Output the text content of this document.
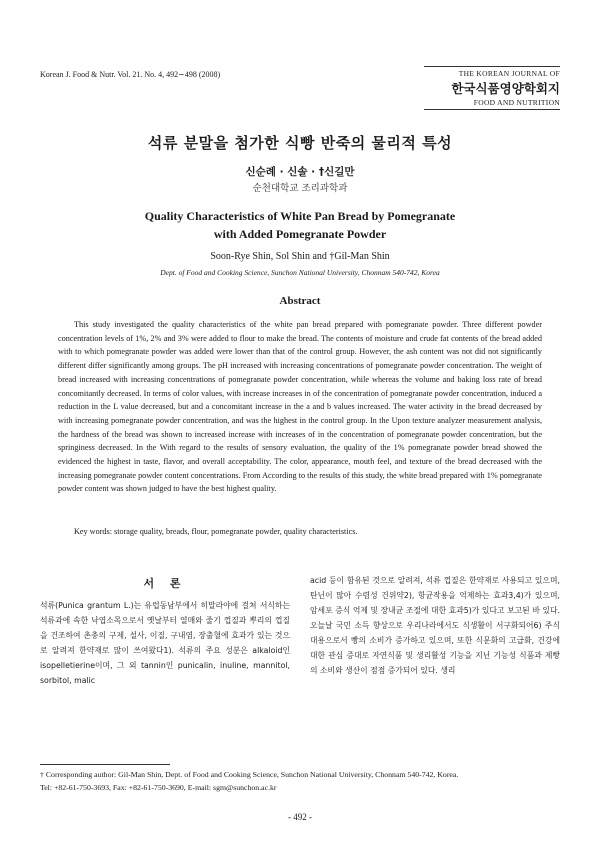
Korean J. Food & Nutr. Vol. 21. No. 4, 492∼498 (2008)	THE KOREAN JOURNAL OF
한국식품영양학회지
FOOD AND NUTRITION
석류 분말을 첨가한 식빵 반죽의 물리적 특성
신순례 · 신솔 · †신길만
순천대학교 조리과학과
Quality Characteristics of White Pan Bread by Pomegranate
with Added Pomegranate Powder
Soon-Rye Shin, Sol Shin and †Gil-Man Shin
Dept. of Food and Cooking Science, Sunchon National University, Chonnam 540-742, Korea
Abstract

This study investigated the quality characteristics of the white pan bread prepared with pomegranate powder. Three different powder concentration levels of 1%, 2% and 3% were added to flour to make the bread. The contents of moisture and crude fat contents of the bread added with to which pomegranate powder was added were lower than that of the control group. However, the ash content was not did not significantly different differ significantly among groups. The pH increased with increasing concentrations of pomegranate powder concentration. The weight of bread increased with increasing concentrations of pomegranate powder concentration, while whereas the volume and baking loss rate of bread concomitantly decreased. In terms of color values, with increase increases in of the concentration of pomegranate powder concentration, induced a reduction in the L value decreased, but and a concomitant increase in the a and b values increased. The water activity in the bread decreased by with increasing pomegranate powder concentration, and was the highest in the control group. In the Upon texture analyzer measurement analysis, the hardness of the bread was shown to increased increase with increases of in the concentration of pomegranate powder concentration, but the springiness decreased. In the With regard to the results of sensory evaluation, the quality of the 1% pomegranate powder bread showed the evidenced the highest in taste, flavor, and overall acceptability. The color, appearance, mouth feel, and texture of the bread decreased with the increasing pomegranate powder content concentrations. From According to the results of this study, the white bread prepared with 1% pomegranate powder content was shown judged to have the best highest quality.

Key words: storage quality, breads, flour, pomegranate powder, quality characteristics.
서 론

석류(Punica grantum L.)는 유럽동남부에서 히말라야에 걸쳐 서식하는 석류과에 속한 낙엽소목으로서 옛날부터 열매와 줄기 껍질과 뿌리의 껍질을 건조하여 촌충의 구제, 설사, 이질, 구내염, 장출혈에 효과가 있는 것으로 알려져 한약재로 많이 쓰여왔다1). 석류의 주요 성분은 alkaloid인 isopelletierine이며, 그 외 tannin인 punicalin, inuline, mannitol, sorbitol, malic

acid 등이 함유된 것으로 알려져, 석류 껍질은 한약재로 사용되고 있으며, 탄닌이 많아 수렴성 건위약2), 항균작용을 억제하는 효과3,4)가 있으며, 암세포 증식 억제 및 장내균 조절에 대한 효과5)가 있다고 보고된 바 있다. 오늘날 국민 소득 향상으로 우리나라에서도 식생활이 서구화되어6) 주식 대용으로서 빵의 소비가 증가하고 있으며, 또한 식문화의 고급화, 건강에 대한 관심 증대로 자연식품 및 생리활성 기능을 지닌 기능성 식품과 제빵의 소비와 생산이 점점 증가되어 있다. 생리

† Corresponding author: Gil-Man Shin, Dept. of Food and Cooking Science, Sunchon National University, Chonnam 540-742, Korea.
Tel: +82-61-750-3693, Fax: +82-61-750-3690, E-mail: sgm@sunchon.ac.kr
- 492 -
